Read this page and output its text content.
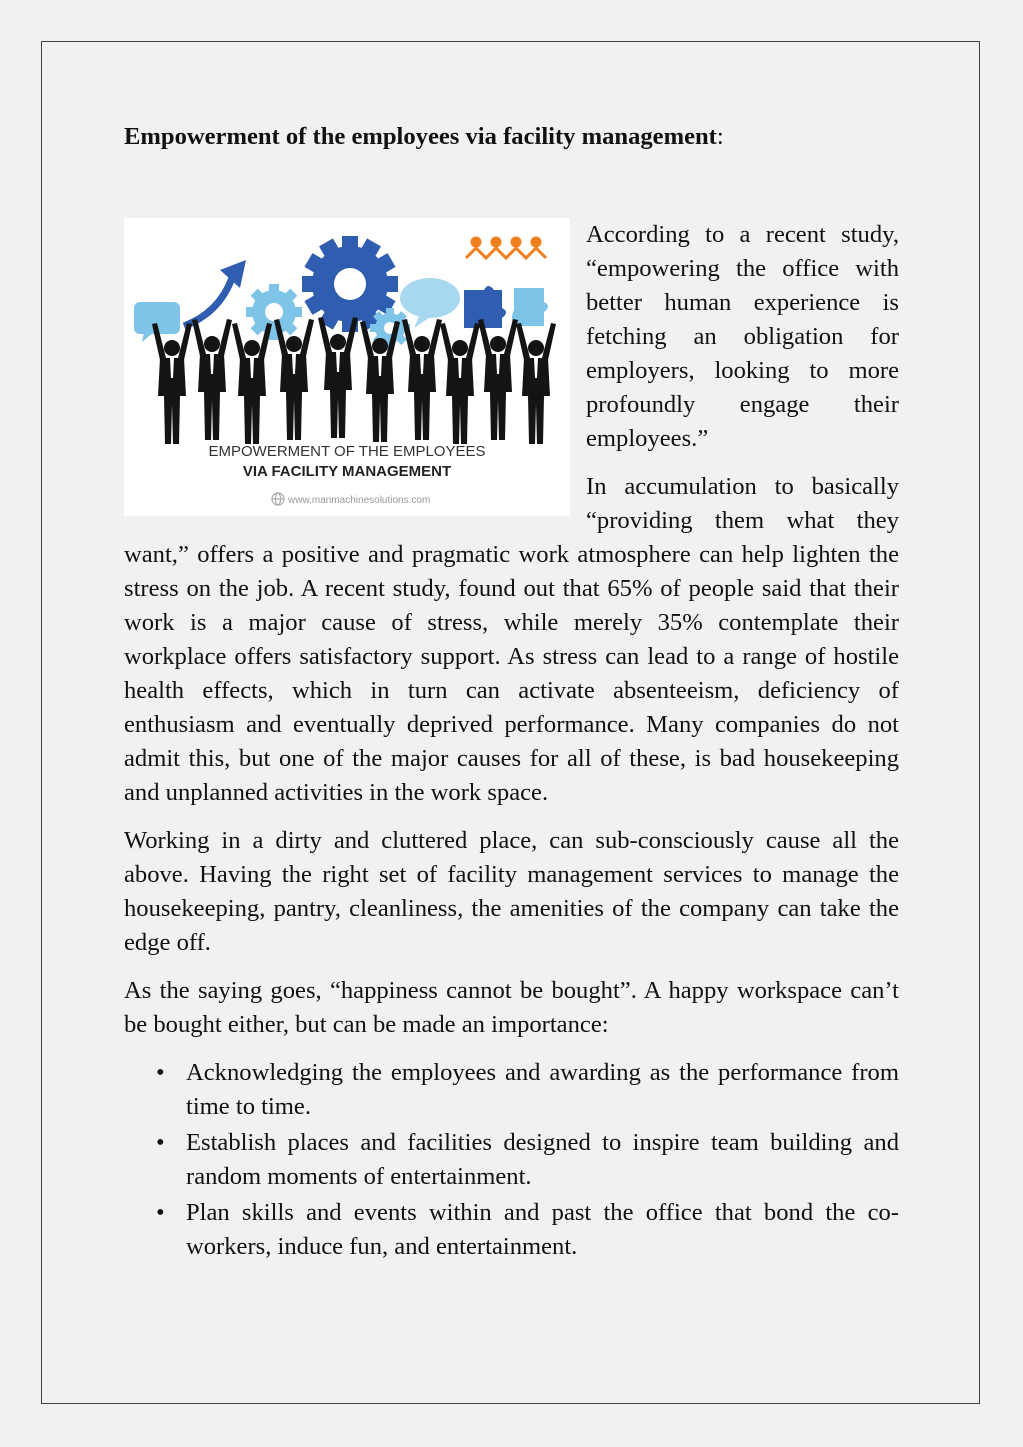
Empowerment of the employees via facility management:
EMPOWERMENT OF THE EMPLOYEES
VIA FACILITY MANAGEMENT
www.manmachinesolutions.com

According to a recent study, “empowering the office with better human experience is fetching an obligation for employers, looking to more profoundly engage their employees.”

In accumulation to basically “providing them what they want,” offers a positive and pragmatic work atmosphere can help lighten the stress on the job. A recent study, found out that 65% of people said that their work is a major cause of stress, while merely 35% contemplate their workplace offers satisfactory support. As stress can lead to a range of hostile health effects, which in turn can activate absenteeism, deficiency of enthusiasm and eventually deprived performance. Many companies do not admit this, but one of the major causes for all of these, is bad housekeeping and unplanned activities in the work space.

Working in a dirty and cluttered place, can sub-consciously cause all the above. Having the right set of facility management services to manage the housekeeping, pantry, cleanliness, the amenities of the company can take the edge off.

As the saying goes, “happiness cannot be bought”. A happy workspace can’t be bought either, but can be made an importance:

• Acknowledging the employees and awarding as the performance from time to time.
• Establish places and facilities designed to inspire team building and random moments of entertainment.
• Plan skills and events within and past the office that bond the co-workers, induce fun, and entertainment.
